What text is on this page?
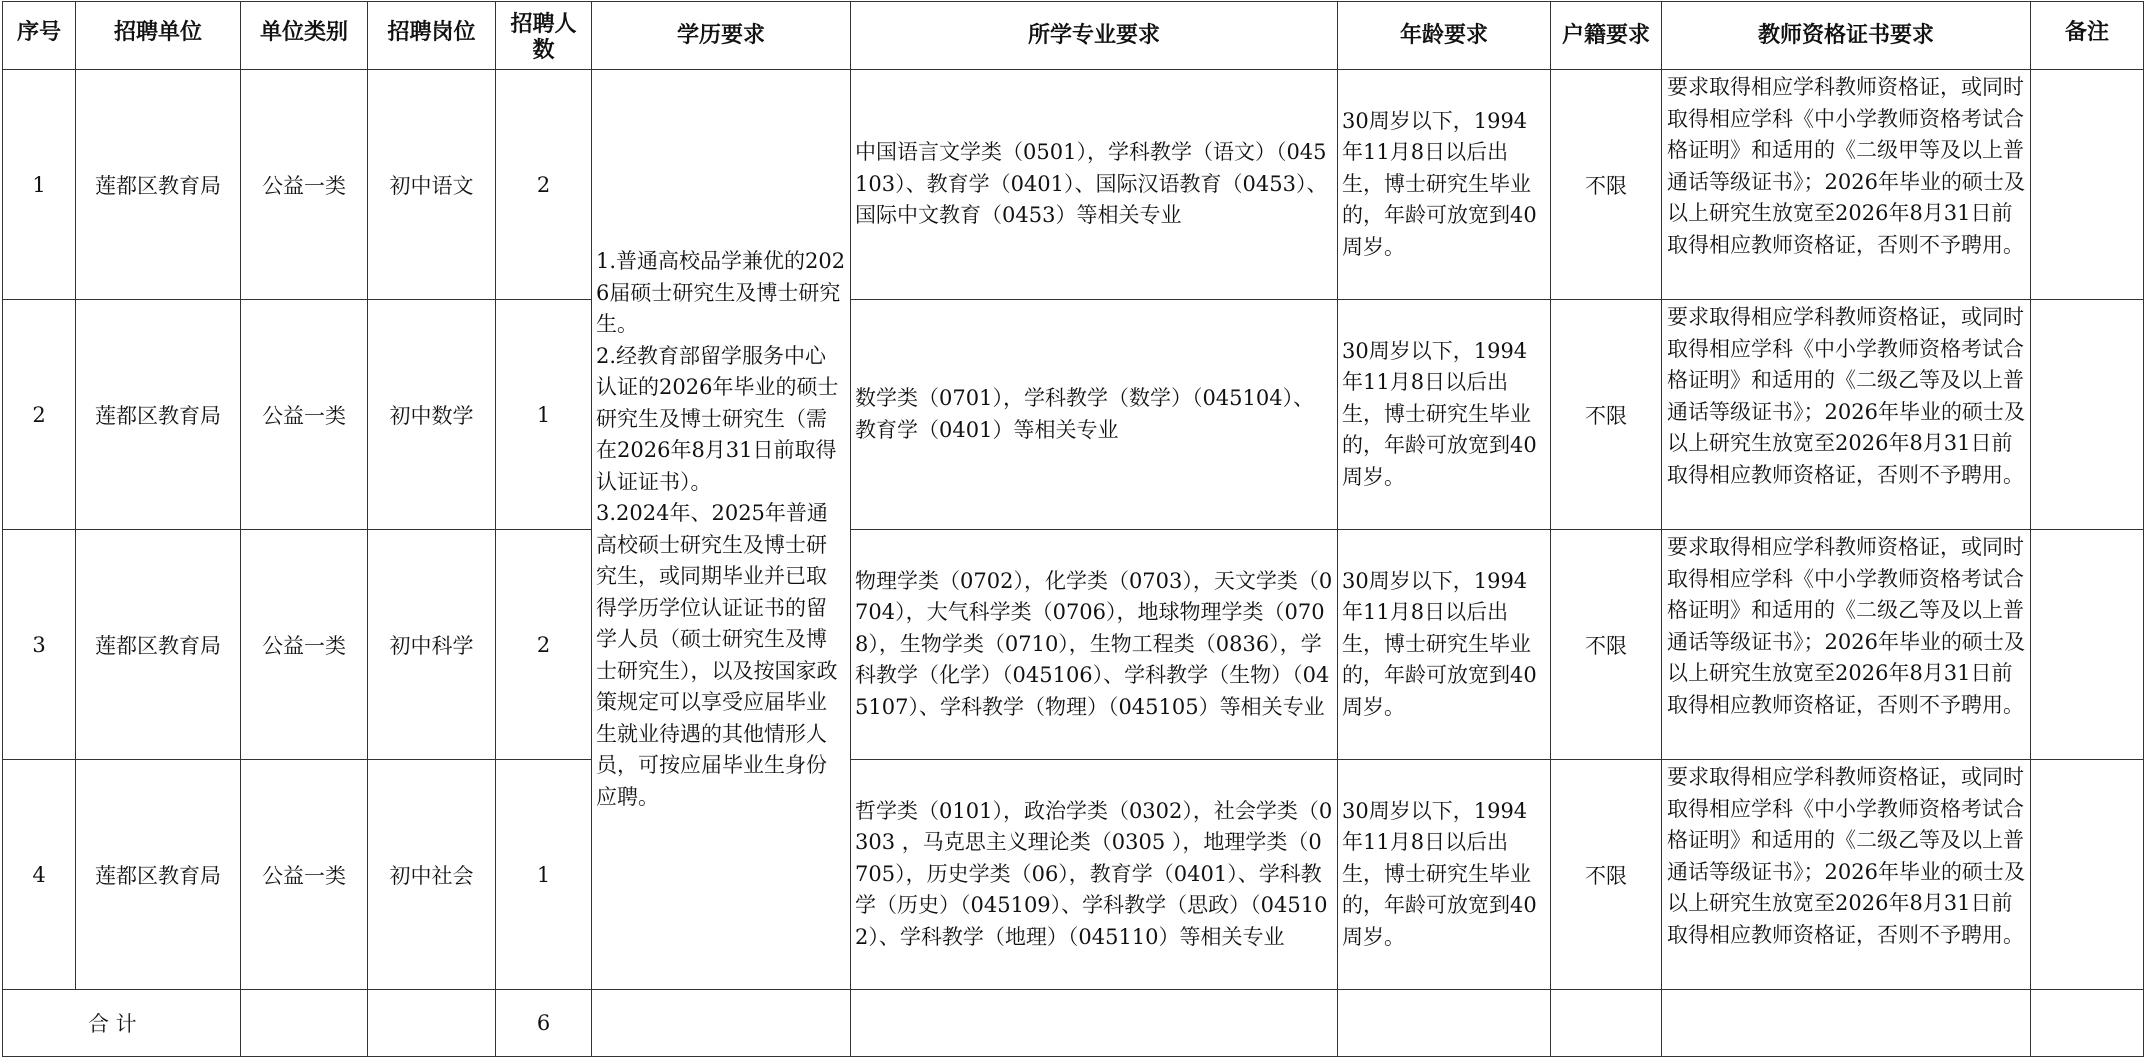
序号	招聘单位	单位类别	招聘岗位	招聘人数	学历要求	所学专业要求	年龄要求	户籍要求	教师资格证书要求	备注
1	莲都区教育局	公益一类	初中语文	2	1.普通高校品学兼优的2026届硕士研究生及博士研究生。
2.经教育部留学服务中心认证的2026年毕业的硕士研究生及博士研究生（需在2026年8月31日前取得认证证书）。
3.2024年、2025年普通高校硕士研究生及博士研究生，或同期毕业并已取得学历学位认证证书的留学人员（硕士研究生及博士研究生），以及按国家政策规定可以享受应届毕业生就业待遇的其他情形人员，可按应届毕业生身份应聘。	中国语言文学类（0501），学科教学（语文）（045103）、教育学（0401）、国际汉语教育（0453）、国际中文教育（0453）等相关专业	30周岁以下，1994年11月8日以后出生，博士研究生毕业的，年龄可放宽到40周岁。	不限	要求取得相应学科教师资格证，或同时取得相应学科《中小学教师资格考试合格证明》和适用的《二级甲等及以上普通话等级证书》；2026年毕业的硕士及以上研究生放宽至2026年8月31日前取得相应教师资格证，否则不予聘用。	
2	莲都区教育局	公益一类	初中数学	1		数学类（0701），学科教学（数学）（045104）、教育学（0401）等相关专业	30周岁以下，1994年11月8日以后出生，博士研究生毕业的，年龄可放宽到40周岁。	不限	要求取得相应学科教师资格证，或同时取得相应学科《中小学教师资格考试合格证明》和适用的《二级乙等及以上普通话等级证书》；2026年毕业的硕士及以上研究生放宽至2026年8月31日前取得相应教师资格证，否则不予聘用。	
3	莲都区教育局	公益一类	初中科学	2		物理学类（0702），化学类（0703），天文学类（0704），大气科学类（0706），地球物理学类（0708），生物学类（0710），生物工程类（0836），学科教学（化学）（045106）、学科教学（生物）（045107）、学科教学（物理）（045105）等相关专业	30周岁以下，1994年11月8日以后出生，博士研究生毕业的，年龄可放宽到40周岁。	不限	要求取得相应学科教师资格证，或同时取得相应学科《中小学教师资格考试合格证明》和适用的《二级乙等及以上普通话等级证书》；2026年毕业的硕士及以上研究生放宽至2026年8月31日前取得相应教师资格证，否则不予聘用。	
4	莲都区教育局	公益一类	初中社会	1		哲学类（0101），政治学类（0302），社会学类（0303 ，马克思主义理论类（0305 ），地理学类（0705），历史学类（06），教育学（0401）、学科教学（历史）（045109）、学科教学（思政）（045102）、学科教学（地理）（045110）等相关专业	30周岁以下，1994年11月8日以后出生，博士研究生毕业的，年龄可放宽到40周岁。	不限	要求取得相应学科教师资格证，或同时取得相应学科《中小学教师资格考试合格证明》和适用的《二级乙等及以上普通话等级证书》；2026年毕业的硕士及以上研究生放宽至2026年8月31日前取得相应教师资格证，否则不予聘用。	
合 计				6						
